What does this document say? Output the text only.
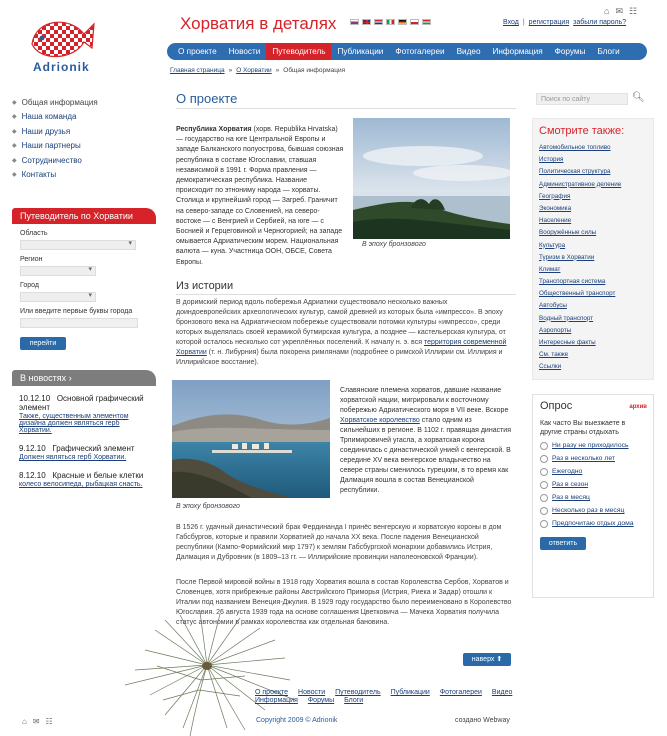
Adrionik
Хорватия в деталях
⌂ ✉ ☷
Вход | регистрация забыли пароль?
О проекте	Новости	Путеводитель	Публикации	Фотогалереи	Видео	Информация	Форумы	Блоги
Главная страница » О Хорватии » Общая информация
◆ Общая информация
◆ Наша команда
◆ Наши друзья
◆ Наши партнеры
◆ Сотрудничество
◆ Контакты
Путеводитель по Хорватии
Область
▾
Регион
▾
Город
▾
Или введите первые буквы города
перейти
В новостях ›
10.12.10 Основной графический элемент
Также, существенным элементом дизайна должен являться герб Хорватии.
9.12.10 Графический элемент
Должен являться герб Хорватии.
8.12.10 Красные и белые клетки
колесо велосипеда, рыбацкая снасть.
О проекте
Республика Хорватия (хорв. Republika Hrvatska) — государство на юге Центральной Европы и западе Балканского полуострова, бывшая союзная республика в составе Югославии, ставшая независимой в 1991 г. Форма правления — демократическая республика. Название происходит по этнониму народа — хорваты. Столица и крупнейший город — Загреб. Граничит на северо-западе со Словенией, на северо-востоке — с Венгрией и Сербией, на юге — с Боснией и Герцеговиной и Черногорией; на западе омывается Адриатическим морем. Национальная валюта — куна. Участница ООН, ОБСЕ, Совета Европы.
В эпоху бронзового
Из истории
В доримский период вдоль побережья Адриатики существовало несколько важных доиндоевропейских археологических культур, самой древней из которых была «импрессо». В эпоху бронзового века на Адриатическом побережье существовали потомки культуры «импрессо», среди которых выделялась своей керамикой бутмирская культура, а позднее — кастельерская культура, от которой осталось несколько сот укреплённых поселений. К началу н. э. вся территория современной Хорватии (т. н. Либурния) была покорена римлянами (подробнее о римской Иллирии см. Иллирия и Иллирийское восстание).
В эпоху бронзового
Славянские племена хорватов, давшие название хорватской нации, мигрировали к восточному побережью Адриатического моря в VII веке. Вскоре Хорватское королевство стало одним из сильнейших в регионе. В 1102 г. правящая династия Трпимировичей угасла, а хорватская корона соединилась с династической унией с венгерской. В середине XV века венгерское владычество на севере страны сменилось турецким, в то время как Далмация вошла в состав Венецианской республики.
В 1526 г. удачный династический брак Фердинанда I принёс венгерскую и хорватскую короны в дом Габсбургов, которые и правили Хорватией до начала XX века. После падения Венецианской республики (Кампо-Формийский мир 1797) к землям Габсбургской монархии добавились Истрия, Далмация и Дубровник (в 1809–13 гг. — Иллирийские провинции наполеоновской Франции).
После Первой мировой войны в 1918 году Хорватия вошла в состав Королевства Сербов, Хорватов и Словенцев, хотя прибрежные районы Австрийского Приморья (Истрия, Риека и Задар) отошли к Италии под названием Венеция-Джулия. В 1929 году государство было переименовано в Королевство Югославия. 26 августа 1939 года на основе соглашения Цветковича — Мачека Хорватия получила статус автономии в рамках королевства как отдельная бановина.
наверх ⬆
О проекте Новости Путеводитель Публикации Фотогалереи Видео
Информация Форумы Блоги
Copyright 2009 © Adrionik	создано Webway
⌂ ✉ ☷
Поиск по сайту	🔍︎
Смотрите также:
Автомобильное топливо
История
Политическая структура
Административное деление
География
Экономика
Население
Вооружённые силы
Культура
Туризм в Хорватии
Климат
Транспортная система
Общественный транспорт
Автобусы
Водный транспорт
Аэропорты
Интересные факты
См. также
Ссылки
Опрос	архив
Как часто Вы выезжаете в другие страны отдыхать
Ни разу не приходилось
Раз в несколько лет
Ежегодно
Раз в сезон
Раз в месяц
Несколько раз в месяц
Предпочитаю отдых дома
ответить
